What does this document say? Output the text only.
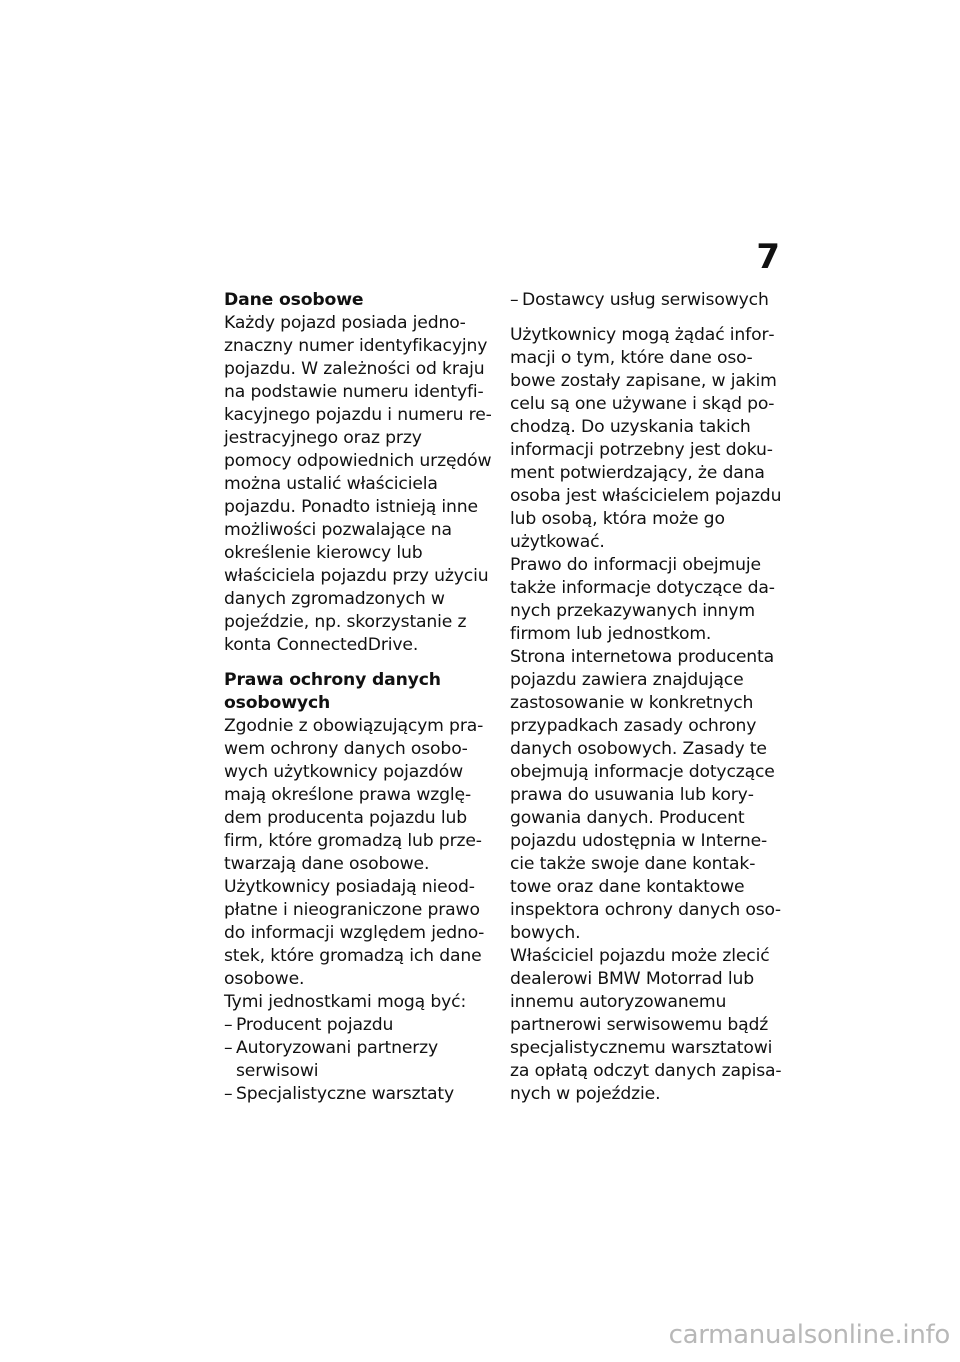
7

Dane osobowe

Każdy pojazd posiada jednoznaczny numer identyfikacyjny pojazdu. W zależności od kraju na podstawie numeru identyfikacyjnego pojazdu i numeru rejestracyjnego oraz przy pomocy odpowiednich urzędów można ustalić właściciela pojazdu. Ponadto istnieją inne możliwości pozwalające na określenie kierowcy lub właściciela pojazdu przy użyciu danych zgromadzonych w pojeździe, np. skorzystanie z konta ConnectedDrive.

Prawa ochrony danych osobowych

Zgodnie z obowiązującym prawem ochrony danych osobowych użytkownicy pojazdów mają określone prawa względem producenta pojazdu lub firm, które gromadzą lub przetwarzają dane osobowe.

Użytkownicy posiadają nieodpłatne i nieograniczone prawo do informacji względem jednostek, które gromadzą ich dane osobowe.

Tymi jednostkami mogą być:

– Producent pojazdu
– Autoryzowani partnerzy serwisowi
– Specjalistyczne warsztaty
– Dostawcy usług serwisowych

Użytkownicy mogą żądać informacji o tym, które dane osobowe zostały zapisane, w jakim celu są one używane i skąd pochodzą. Do uzyskania takich informacji potrzebny jest dokument potwierdzający, że dana osoba jest właścicielem pojazdu lub osobą, która może go użytkować.

Prawo do informacji obejmuje także informacje dotyczące danych przekazywanych innym firmom lub jednostkom.

Strona internetowa producenta pojazdu zawiera znajdujące zastosowanie w konkretnych przypadkach zasady ochrony danych osobowych. Zasady te obejmują informacje dotyczące prawa do usuwania lub korygowania danych. Producent pojazdu udostępnia w Internecie także swoje dane kontaktowe oraz dane kontaktowe inspektora ochrony danych osobowych.

Właściciel pojazdu może zlecić dealerowi BMW Motorrad lub innemu autoryzowanemu partnerowi serwisowemu bądź specjalistycznemu warsztatowi za opłatą odczyt danych zapisanych w pojeździe.

carmanualsonline.info
